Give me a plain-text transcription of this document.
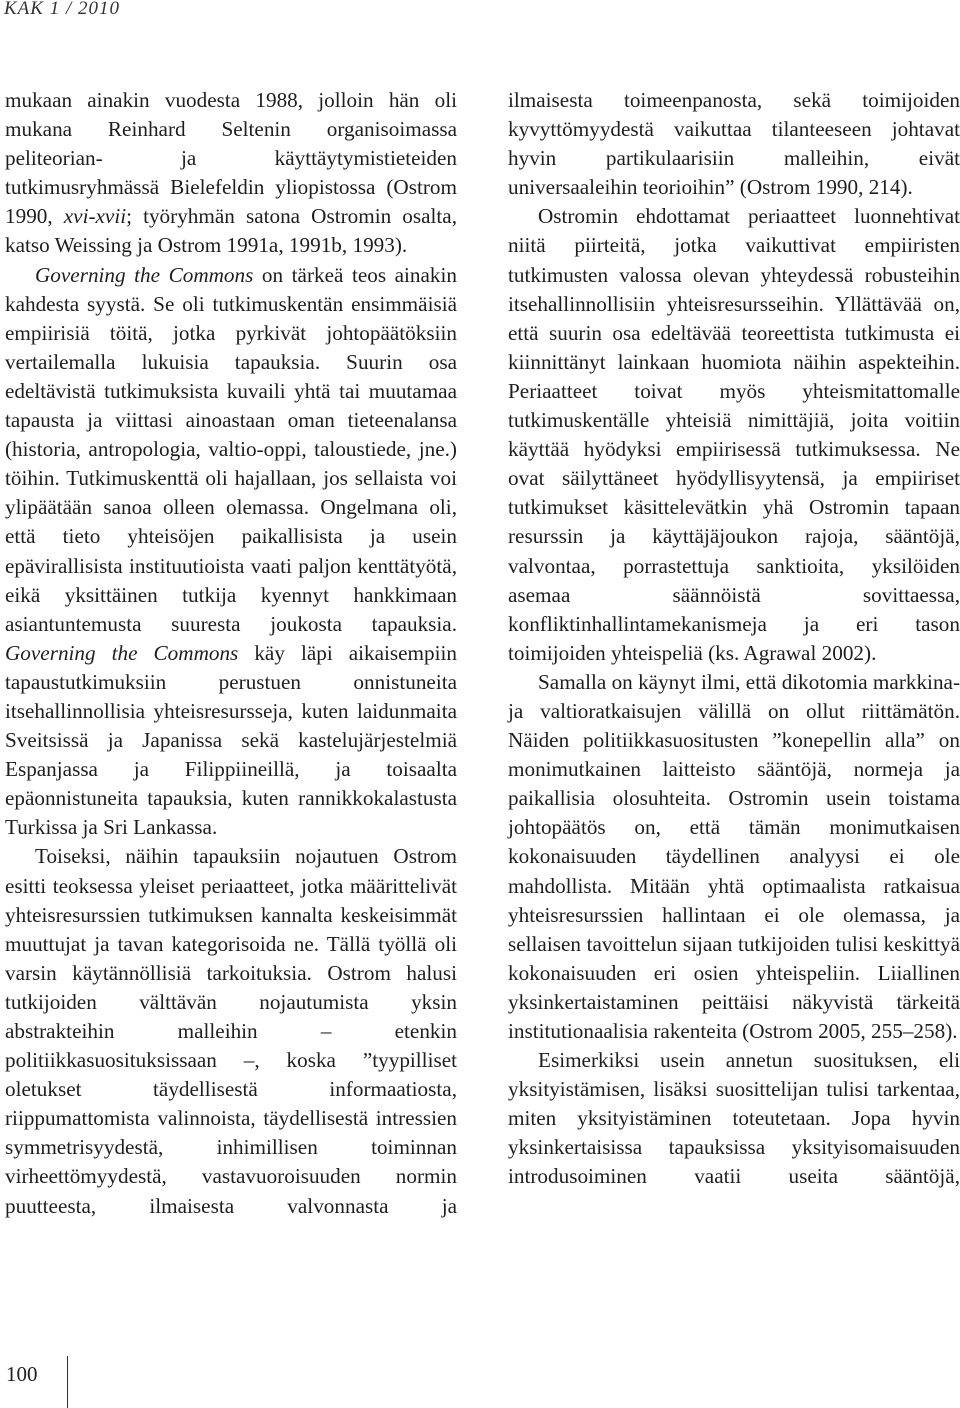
KAK 1 / 2010

mukaan ainakin vuodesta 1988, jolloin hän oli mukana Reinhard Seltenin organisoimassa peliteorian- ja käyttäytymistieteiden tutkimusryhmässä Bielefeldin yliopistossa (Ostrom 1990, xvi-xvii; työryhmän satona Ostromin osalta, katso Weissing ja Ostrom 1991a, 1991b, 1993).

Governing the Commons on tärkeä teos ainakin kahdesta syystä. Se oli tutkimuskentän ensimmäisiä empiirisiä töitä, jotka pyrkivät johtopäätöksiin vertailemalla lukuisia tapauksia. Suurin osa edeltävistä tutkimuksista kuvaili yhtä tai muutamaa tapausta ja viittasi ainoastaan oman tieteenalansa (historia, antropologia, valtio-oppi, taloustiede, jne.) töihin. Tutkimuskenttä oli hajallaan, jos sellaista voi ylipäätään sanoa olleen olemassa. Ongelmana oli, että tieto yhteisöjen paikallisista ja usein epävirallisista instituutioista vaati paljon kenttätyötä, eikä yksittäinen tutkija kyennyt hankkimaan asiantuntemusta suuresta joukosta tapauksia. Governing the Commons käy läpi aikaisempiin tapaustutkimuksiin perustuen onnistuneita itsehallinnollisia yhteisresursseja, kuten laidunmaita Sveitsissä ja Japanissa sekä kastelujärjestelmiä Espanjassa ja Filippiineillä, ja toisaalta epäonnistuneita tapauksia, kuten rannikkokalastusta Turkissa ja Sri Lankassa.

Toiseksi, näihin tapauksiin nojautuen Ostrom esitti teoksessa yleiset periaatteet, jotka määrittelivät yhteisresurssien tutkimuksen kannalta keskeisimmät muuttujat ja tavan kategorisoida ne. Tällä työllä oli varsin käytännöllisiä tarkoituksia. Ostrom halusi tutkijoiden välttävän nojautumista yksin abstrakteihin malleihin – etenkin politiikkasuosituksissaan –, koska ”tyypilliset oletukset täydellisestä informaatiosta, riippumattomista valinnoista, täydellisestä intressien symmetrisyydestä, inhimillisen toiminnan virheettömyydestä, vastavuoroisuuden normin puutteesta, ilmaisesta valvonnasta ja

ilmaisesta toimeenpanosta, sekä toimijoiden kyvyttömyydestä vaikuttaa tilanteeseen johtavat hyvin partikulaarisiin malleihin, eivät universaaleihin teorioihin” (Ostrom 1990, 214).

Ostromin ehdottamat periaatteet luonnehtivat niitä piirteitä, jotka vaikuttivat empiiristen tutkimusten valossa olevan yhteydessä robusteihin itsehallinnollisiin yhteisresursseihin. Yllättävää on, että suurin osa edeltävää teoreettista tutkimusta ei kiinnittänyt lainkaan huomiota näihin aspekteihin. Periaatteet toivat myös yhteismitattomalle tutkimuskentälle yhteisiä nimittäjiä, joita voitiin käyttää hyödyksi empiirisessä tutkimuksessa. Ne ovat säilyttäneet hyödyllisyytensä, ja empiiriset tutkimukset käsittelevätkin yhä Ostromin tapaan resurssin ja käyttäjäjoukon rajoja, sääntöjä, valvontaa, porrastettuja sanktioita, yksilöiden asemaa säännöistä sovittaessa, konfliktinhallintamekanismeja ja eri tason toimijoiden yhteispeliä (ks. Agrawal 2002).

Samalla on käynyt ilmi, että dikotomia markkina- ja valtioratkaisujen välillä on ollut riittämätön. Näiden politiikkasuositusten ”konepellin alla” on monimutkainen laitteisto sääntöjä, normeja ja paikallisia olosuhteita. Ostromin usein toistama johtopäätös on, että tämän monimutkaisen kokonaisuuden täydellinen analyysi ei ole mahdollista. Mitään yhtä optimaalista ratkaisua yhteisresurssien hallintaan ei ole olemassa, ja sellaisen tavoittelun sijaan tutkijoiden tulisi keskittyä kokonaisuuden eri osien yhteispeliin. Liiallinen yksinkertaistaminen peittäisi näkyvistä tärkeitä institutionaalisia rakenteita (Ostrom 2005, 255–258).

Esimerkiksi usein annetun suosituksen, eli yksityistämisen, lisäksi suosittelijan tulisi tarkentaa, miten yksityistäminen toteutetaan. Jopa hyvin yksinkertaisissa tapauksissa yksityisomaisuuden introdusoiminen vaatii useita sääntöjä,

100
